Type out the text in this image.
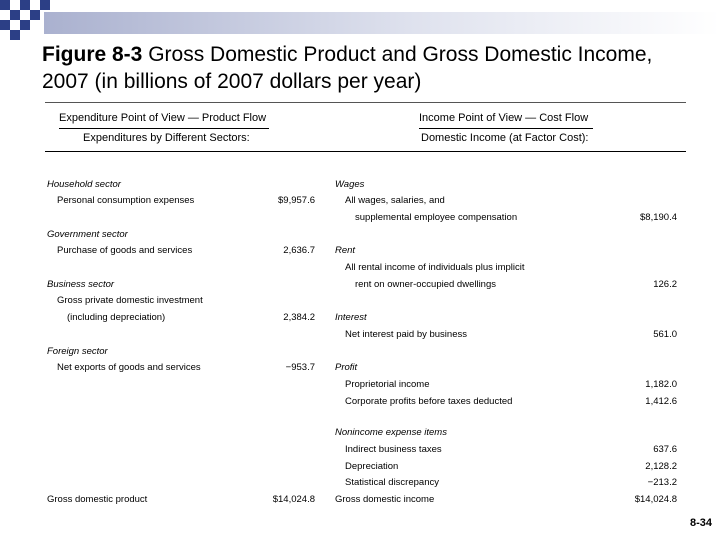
Figure 8-3 Gross Domestic Product and Gross Domestic Income, 2007 (in billions of 2007 dollars per year)
Expenditure Point of View — Product Flow
Expenditures by Different Sectors:
Income Point of View — Cost Flow
Domestic Income (at Factor Cost):
Household sector
Personal consumption expenses	$9,957.6
Government sector
Purchase of goods and services	2,636.7
Business sector
Gross private domestic investment
(including depreciation)	2,384.2
Foreign sector
Net exports of goods and services	−953.7
Gross domestic product	$14,024.8
Wages
All wages, salaries, and
supplemental employee compensation	$8,190.4
Rent
All rental income of individuals plus implicit
rent on owner-occupied dwellings	126.2
Interest
Net interest paid by business	561.0
Profit
Proprietorial income	1,182.0
Corporate profits before taxes deducted	1,412.6
Nonincome expense items
Indirect business taxes	637.6
Depreciation	2,128.2
Statistical discrepancy	−213.2
Gross domestic income	$14,024.8
8-34
